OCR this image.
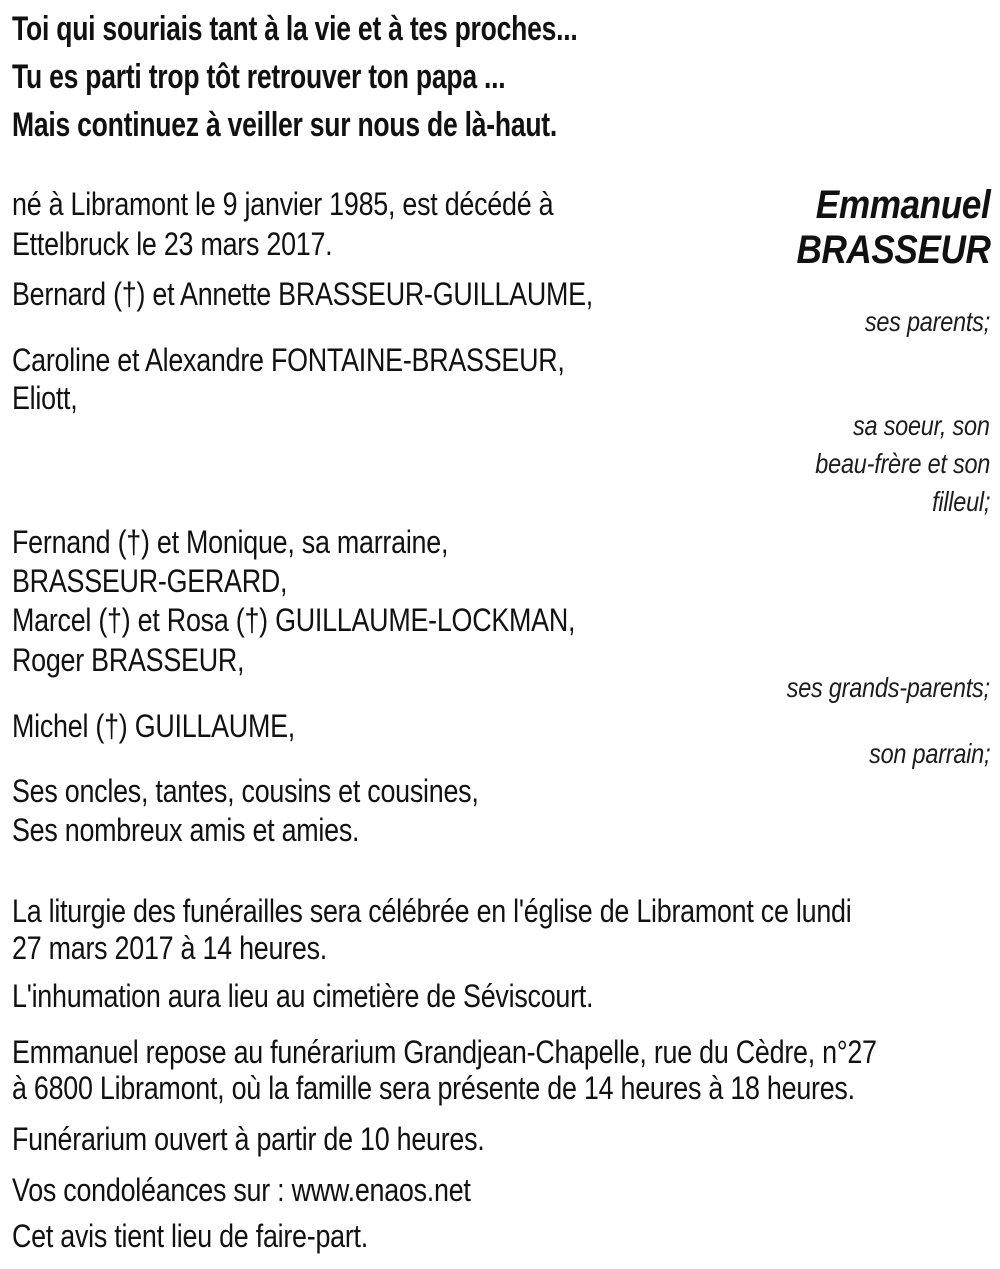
Toi qui souriais tant à la vie et à tes proches...
Tu es parti trop tôt retrouver ton papa ...
Mais continuez à veiller sur nous de là-haut.
Emmanuel
BRASSEUR
né à Libramont le 9 janvier 1985, est décédé à
Ettelbruck le 23 mars 2017.
Bernard (†) et Annette BRASSEUR-GUILLAUME,
ses parents;
Caroline et Alexandre FONTAINE-BRASSEUR,
Eliott,
sa soeur, son
beau-frère et son
filleul;
Fernand (†) et Monique, sa marraine,
BRASSEUR-GERARD,
Marcel (†) et Rosa (†) GUILLAUME-LOCKMAN,
Roger BRASSEUR,
ses grands-parents;
Michel (†) GUILLAUME,
son parrain;
Ses oncles, tantes, cousins et cousines,
Ses nombreux amis et amies.
La liturgie des funérailles sera célébrée en l'église de Libramont ce lundi
27 mars 2017 à 14 heures.
L'inhumation aura lieu au cimetière de Séviscourt.
Emmanuel repose au funérarium Grandjean-Chapelle, rue du Cèdre, n°27
à 6800 Libramont, où la famille sera présente de 14 heures à 18 heures.
Funérarium ouvert à partir de 10 heures.
Vos condoléances sur : www.enaos.net
Cet avis tient lieu de faire-part.
